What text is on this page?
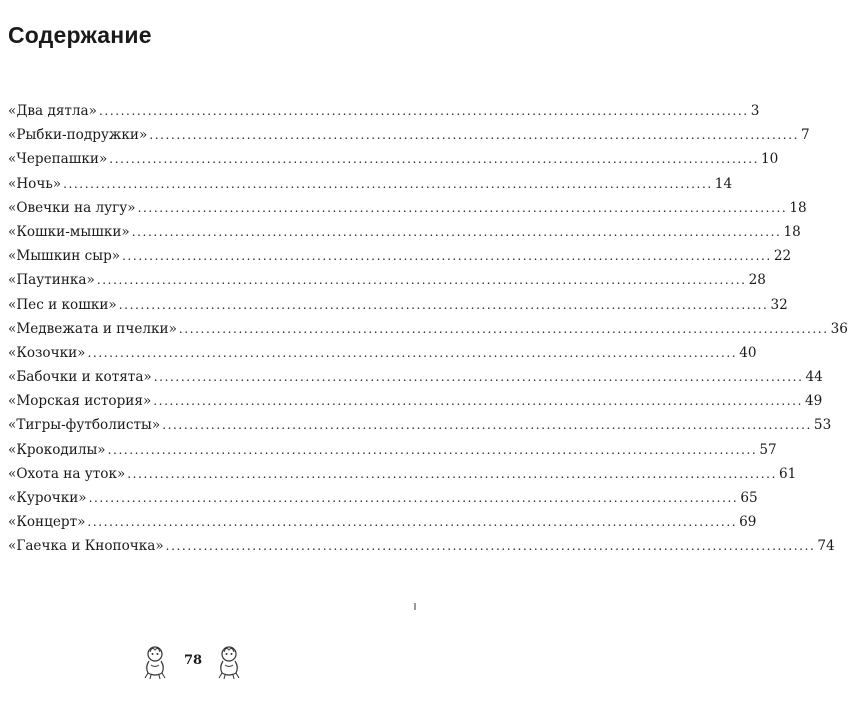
Содержание
«Два дятла» ........................................................................................................................ 3
«Рыбки-подружки» ........................................................................................................................ 7
«Черепашки» ........................................................................................................................ 10
«Ночь» ........................................................................................................................ 14
«Овечки на лугу» ........................................................................................................................ 18
«Кошки-мышки» ........................................................................................................................ 18
«Мышкин сыр» ........................................................................................................................ 22
«Паутинка» ........................................................................................................................ 28
«Пес и кошки» ........................................................................................................................ 32
«Медвежата и пчелки» ........................................................................................................................ 36
«Козочки» ........................................................................................................................ 40
«Бабочки и котята» ........................................................................................................................ 44
«Морская история» ........................................................................................................................ 49
«Тигры-футболисты» ........................................................................................................................ 53
«Крокодилы» ........................................................................................................................ 57
«Охота на уток» ........................................................................................................................ 61
«Курочки» ........................................................................................................................ 65
«Концерт» ........................................................................................................................ 69
«Гаечка и Кнопочка» ........................................................................................................................ 74
78
